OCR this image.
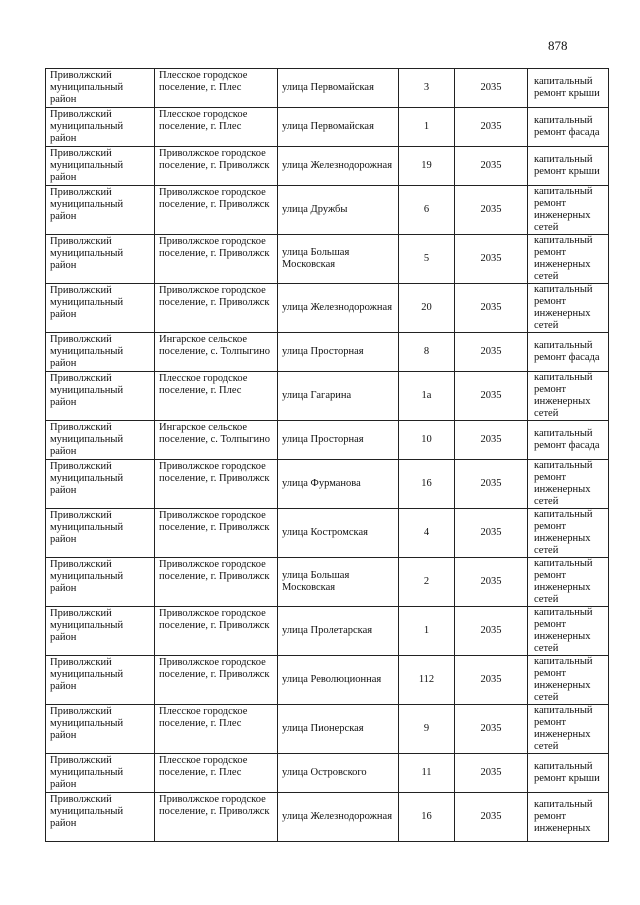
878
Приволжский муниципальный район	Плесское городское поселение, г. Плес	улица Первомайская	3	2035	капитальный ремонт крыши
Приволжский муниципальный район	Плесское городское поселение, г. Плес	улица Первомайская	1	2035	капитальный ремонт фасада
Приволжский муниципальный район	Приволжское городское поселение, г. Приволжск	улица Железнодорожная	19	2035	капитальный ремонт крыши
Приволжский муниципальный район	Приволжское городское поселение, г. Приволжск	улица Дружбы	6	2035	капитальный ремонт инженерных сетей
Приволжский муниципальный район	Приволжское городское поселение, г. Приволжск	улица Большая Московская	5	2035	капитальный ремонт инженерных сетей
Приволжский муниципальный район	Приволжское городское поселение, г. Приволжск	улица Железнодорожная	20	2035	капитальный ремонт инженерных сетей
Приволжский муниципальный район	Ингарское сельское поселение, с. Толпыгино	улица Просторная	8	2035	капитальный ремонт фасада
Приволжский муниципальный район	Плесское городское поселение, г. Плес	улица Гагарина	1а	2035	капитальный ремонт инженерных сетей
Приволжский муниципальный район	Ингарское сельское поселение, с. Толпыгино	улица Просторная	10	2035	капитальный ремонт фасада
Приволжский муниципальный район	Приволжское городское поселение, г. Приволжск	улица Фурманова	16	2035	капитальный ремонт инженерных сетей
Приволжский муниципальный район	Приволжское городское поселение, г. Приволжск	улица Костромская	4	2035	капитальный ремонт инженерных сетей
Приволжский муниципальный район	Приволжское городское поселение, г. Приволжск	улица Большая Московская	2	2035	капитальный ремонт инженерных сетей
Приволжский муниципальный район	Приволжское городское поселение, г. Приволжск	улица Пролетарская	1	2035	капитальный ремонт инженерных сетей
Приволжский муниципальный район	Приволжское городское поселение, г. Приволжск	улица Революционная	112	2035	капитальный ремонт инженерных сетей
Приволжский муниципальный район	Плесское городское поселение, г. Плес	улица Пионерская	9	2035	капитальный ремонт инженерных сетей
Приволжский муниципальный район	Плесское городское поселение, г. Плес	улица Островского	11	2035	капитальный ремонт крыши
Приволжский муниципальный район	Приволжское городское поселение, г. Приволжск	улица Железнодорожная	16	2035	капитальный ремонт инженерных
